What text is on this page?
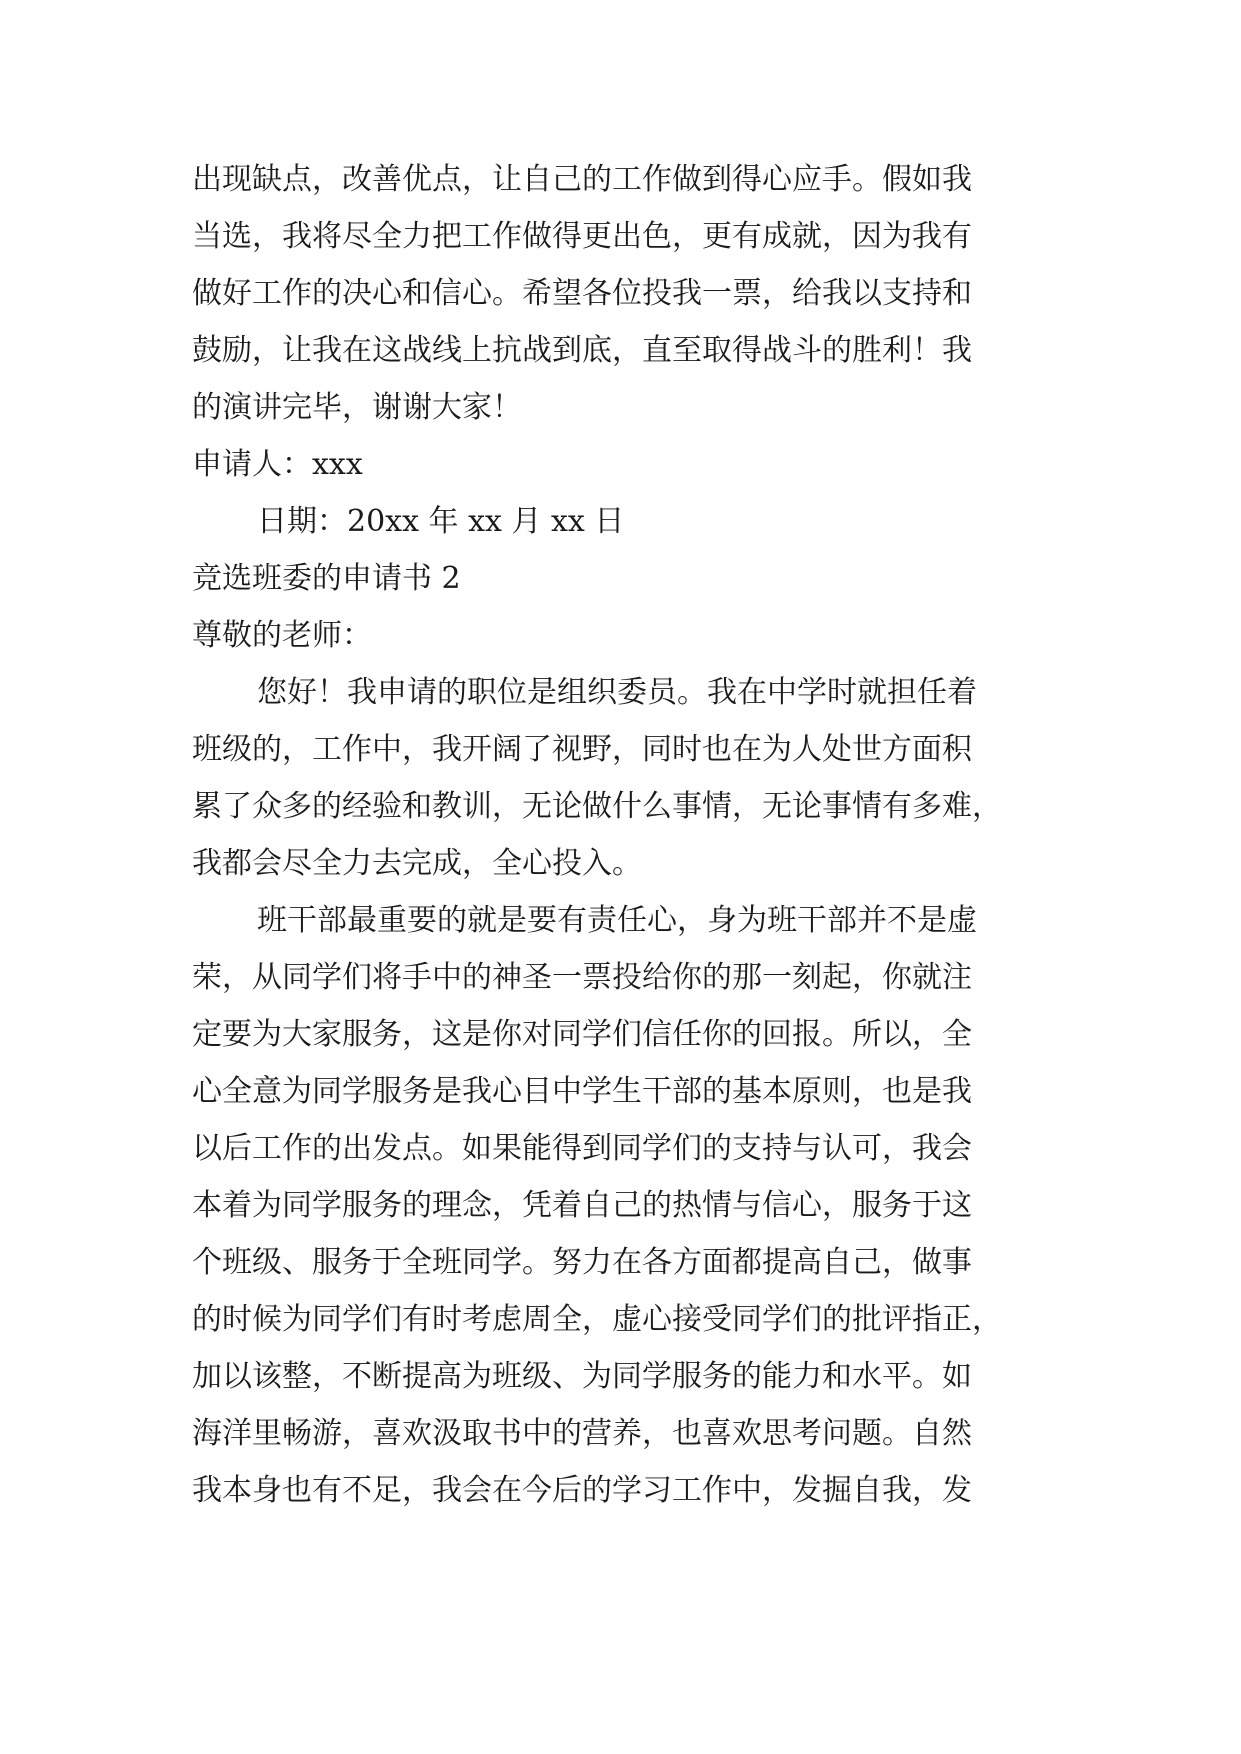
出现缺点，改善优点，让自己的工作做到得心应手。假如我
当选，我将尽全力把工作做得更出色，更有成就，因为我有
做好工作的决心和信心。希望各位投我一票，给我以支持和
鼓励，让我在这战线上抗战到底，直至取得战斗的胜利！我
的演讲完毕，谢谢大家！
申请人：xxx
日期：20xx 年 xx 月 xx 日
竞选班委的申请书 2
尊敬的老师：
您好！我申请的职位是组织委员。我在中学时就担任着
班级的，工作中，我开阔了视野，同时也在为人处世方面积
累了众多的经验和教训，无论做什么事情，无论事情有多难，
我都会尽全力去完成，全心投入。
班干部最重要的就是要有责任心，身为班干部并不是虚
荣，从同学们将手中的神圣一票投给你的那一刻起，你就注
定要为大家服务，这是你对同学们信任你的回报。所以，全
心全意为同学服务是我心目中学生干部的基本原则，也是我
以后工作的出发点。如果能得到同学们的支持与认可，我会
本着为同学服务的理念，凭着自己的热情与信心，服务于这
个班级、服务于全班同学。努力在各方面都提高自己，做事
的时候为同学们有时考虑周全，虚心接受同学们的批评指正，
加以该整，不断提高为班级、为同学服务的能力和水平。如
海洋里畅游，喜欢汲取书中的营养，也喜欢思考问题。自然
我本身也有不足，我会在今后的学习工作中，发掘自我，发
